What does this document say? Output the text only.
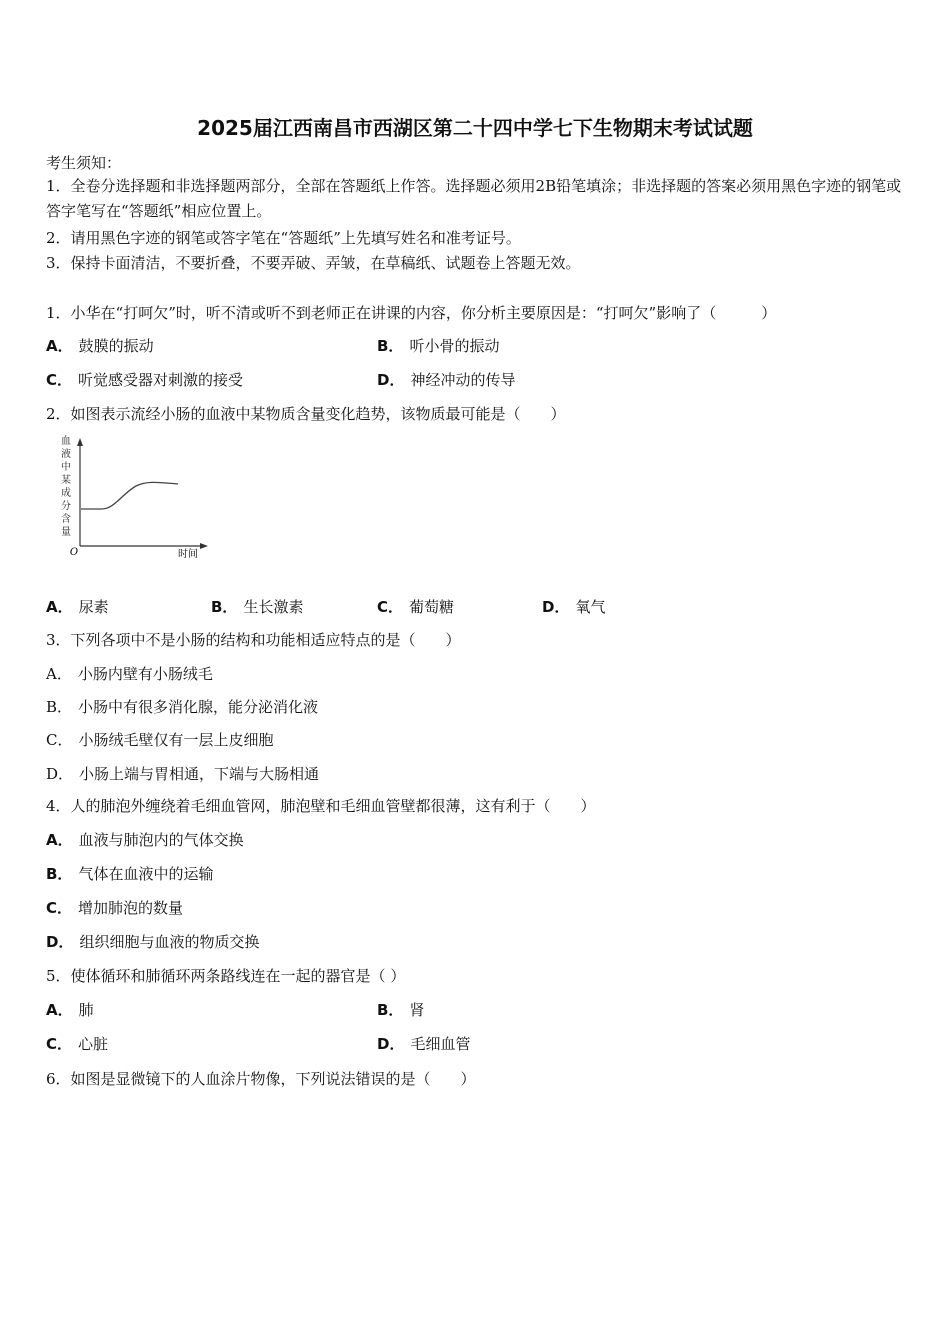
2025届江西南昌市西湖区第二十四中学七下生物期末考试试题
考生须知：
1．全卷分选择题和非选择题两部分，全部在答题纸上作答。选择题必须用2B铅笔填涂；非选择题的答案必须用黑色字迹的钢笔或答字笔写在“答题纸”相应位置上。
2．请用黑色字迹的钢笔或答字笔在“答题纸”上先填写姓名和准考证号。
3．保持卡面清洁，不要折叠，不要弄破、弄皱，在草稿纸、试题卷上答题无效。
1．小华在“打呵欠”时，听不清或听不到老师正在讲课的内容，你分析主要原因是：“打呵欠”影响了（　　　）
A． 鼓膜的振动	B． 听小骨的振动
C． 听觉感受器对刺激的接受	D． 神经冲动的传导
2．如图表示流经小肠的血液中某物质含量变化趋势，该物质最可能是（　　）
血液中某成分含量
O	时间
A． 尿素	B． 生长激素	C． 葡萄糖	D． 氧气
3．下列各项中不是小肠的结构和功能相适应特点的是（　　）
A． 小肠内壁有小肠绒毛
B． 小肠中有很多消化腺，能分泌消化液
C． 小肠绒毛壁仅有一层上皮细胞
D． 小肠上端与胃相通，下端与大肠相通
4．人的肺泡外缠绕着毛细血管网，肺泡壁和毛细血管壁都很薄，这有利于（　　）
A． 血液与肺泡内的气体交换
B． 气体在血液中的运输
C． 增加肺泡的数量
D． 组织细胞与血液的物质交换
5．使体循环和肺循环两条路线连在一起的器官是（ ）
A． 肺	B． 肾
C． 心脏	D． 毛细血管
6．如图是显微镜下的人血涂片物像，下列说法错误的是（　　）
